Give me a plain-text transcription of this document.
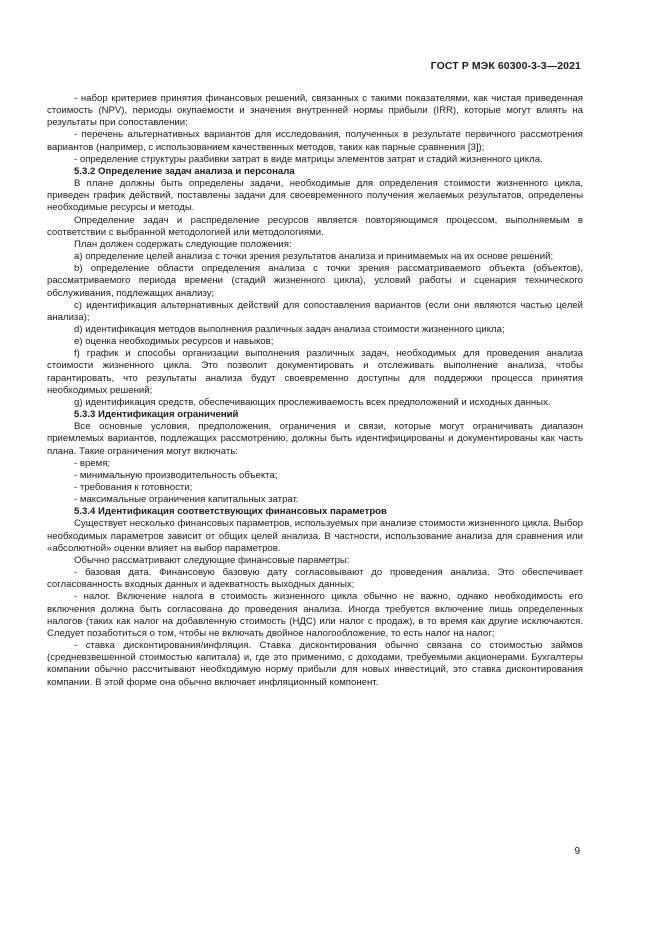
ГОСТ Р МЭК 60300-3-3—2021

- набор критериев принятия финансовых решений, связанных с такими показателями, как чистая приведенная стоимость (NPV), периоды окупаемости и значения внутренней нормы прибыли (IRR), которые могут влиять на результаты при сопоставлении;

- перечень альтернативных вариантов для исследования, полученных в результате первичного рассмотрения вариантов (например, с использованием качественных методов, таких как парные сравнения [3]);

- определение структуры разбивки затрат в виде матрицы элементов затрат и стадий жизненного цикла.

5.3.2 Определение задач анализа и персонала

В плане должны быть определены задачи, необходимые для определения стоимости жизненного цикла, приведен график действий, поставлены задачи для своевременного получения желаемых результатов, определены необходимые ресурсы и методы.

Определение задач и распределение ресурсов является повторяющимся процессом, выполняемым в соответствии с выбранной методологией или методологиями.

План должен содержать следующие положения:

a) определение целей анализа с точки зрения результатов анализа и принимаемых на их основе решений;

b) определение области определения анализа с точки зрения рассматриваемого объекта (объектов), рассматриваемого периода времени (стадий жизненного цикла), условий работы и сценария технического обслуживания, подлежащих анализу;

c) идентификация альтернативных действий для сопоставления вариантов (если они являются частью целей анализа);

d) идентификация методов выполнения различных задач анализа стоимости жизненного цикла;

e) оценка необходимых ресурсов и навыков;

f) график и способы организации выполнения различных задач, необходимых для проведения анализа стоимости жизненного цикла. Это позволит документировать и отслеживать выполнение анализа, чтобы гарантировать, что результаты анализа будут своевременно доступны для поддержки процесса принятия необходимых решений;

g) идентификация средств, обеспечивающих прослеживаемость всех предположений и исходных данных.

5.3.3 Идентификация ограничений

Все основные условия, предположения, ограничения и связи, которые могут ограничивать диапазон приемлемых вариантов, подлежащих рассмотрению, должны быть идентифицированы и документированы как часть плана. Такие ограничения могут включать:

- время;

- минимальную производительность объекта;

- требования к готовности;

- максимальные ограничения капитальных затрат.

5.3.4 Идентификация соответствующих финансовых параметров

Существует несколько финансовых параметров, используемых при анализе стоимости жизненного цикла. Выбор необходимых параметров зависит от общих целей анализа. В частности, использование анализа для сравнения или «абсолютной» оценки влияет на выбор параметров.

Обычно рассматривают следующие финансовые параметры:

- базовая дата. Финансовую базовую дату согласовывают до проведения анализа. Это обеспечивает согласованность входных данных и адекватность выходных данных;

- налог. Включение налога в стоимость жизненного цикла обычно не важно, однако необходимость его включения должна быть согласована до проведения анализа. Иногда требуется включение лишь определенных налогов (таких как налог на добавленную стоимость (НДС) или налог с продаж), в то время как другие исключаются. Следует позаботиться о том, чтобы не включать двойное налогообложение, то есть налог на налог;

- ставка дисконтирования/инфляция. Ставка дисконтирования обычно связана со стоимостью займов (средневзвешенной стоимостью капитала) и, где это применимо, с доходами, требуемыми акционерами. Бухгалтеры компании обычно рассчитывают необходимую норму прибыли для новых инвестиций, это ставка дисконтирования компании. В этой форме она обычно включает инфляционный компонент.

9
